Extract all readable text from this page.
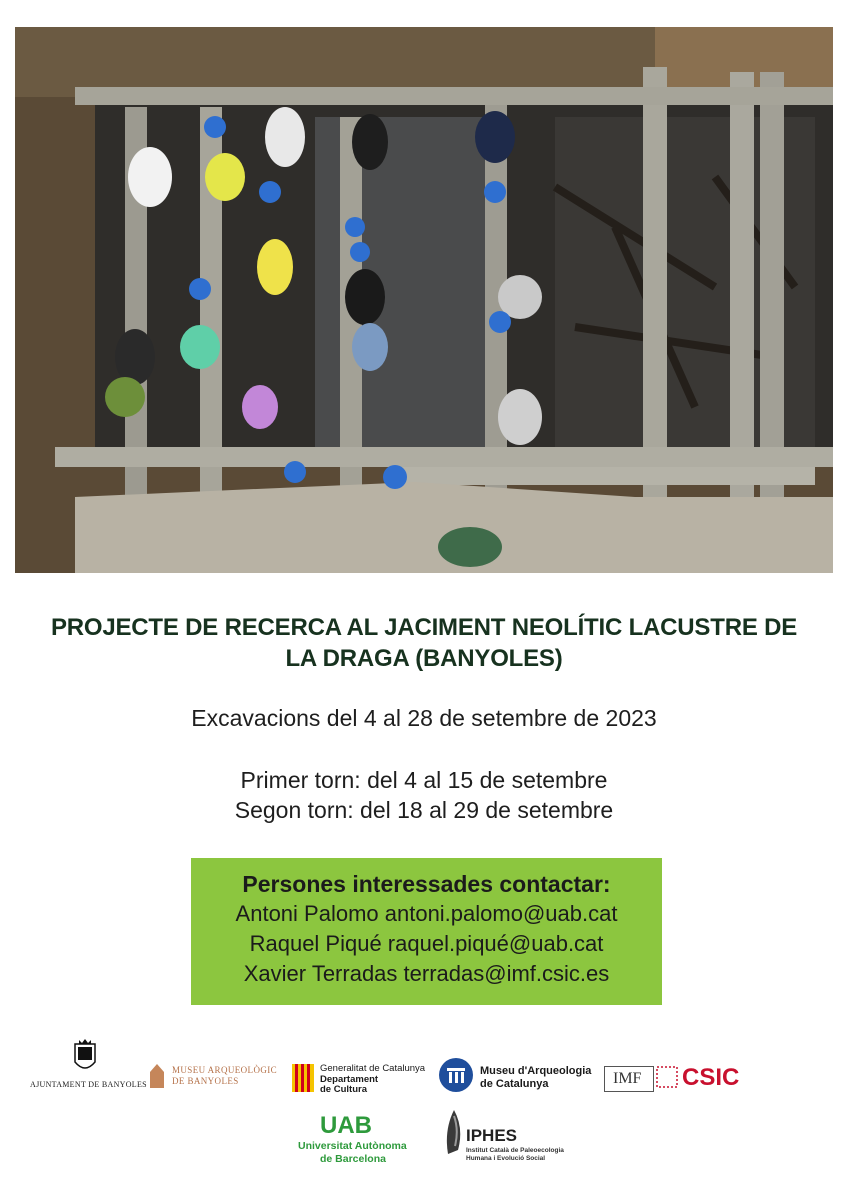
PROJECTE DE RECERCA AL JACIMENT NEOLÍTIC LACUSTRE DE
LA DRAGA (BANYOLES)
Excavacions del 4 al 28 de setembre de 2023
Primer torn: del 4 al 15 de setembre
Segon torn: del 18 al 29 de setembre
Persones interessades contactar:
Antoni Palomo antoni.palomo@uab.cat
Raquel Piqué raquel.piqué@uab.cat
Xavier Terradas terradas@imf.csic.es
AJUNTAMENT DE BANYOLES
MUSEU ARQUEOLÒGIC
DE BANYOLES
Generalitat de Catalunya
Departament
de Cultura
Museu d'Arqueologia
de Catalunya	IMF CSIC
UAB
Universitat Autònoma
de Barcelona
IPHES
Institut Català de Paleoecologia
Humana i Evolució Social
